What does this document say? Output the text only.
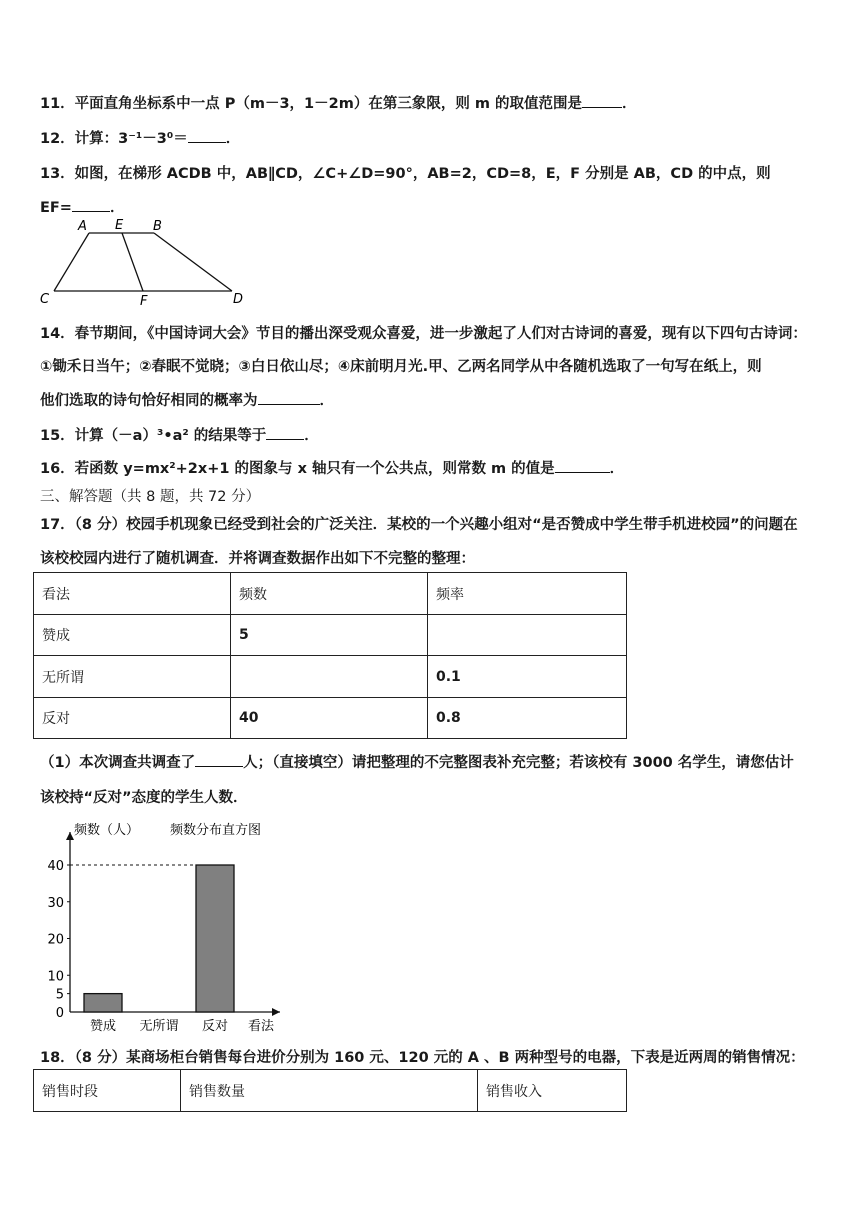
11．平面直角坐标系中一点 P（m－3，1－2m）在第三象限，则 m 的取值范围是	．
12．计算：3⁻¹－3⁰＝	．
13．如图，在梯形 ACDB 中，AB∥CD，∠C+∠D=90°，AB=2，CD=8，E，F 分别是 AB，CD 的中点，则
EF=	．
A E B
C	F	D
14．春节期间，《中国诗词大会》节目的播出深受观众喜爱，进一步激起了人们对古诗词的喜爱，现有以下四句古诗词：
①锄禾日当午；②春眠不觉晓；③白日依山尽；④床前明月光.甲、乙两名同学从中各随机选取了一句写在纸上，则
他们选取的诗句恰好相同的概率为	．
15．计算（－a）³•a² 的结果等于	．
16．若函数 y=mx²+2x+1 的图象与 x 轴只有一个公共点，则常数 m 的值是	．
三、解答题（共 8 题，共 72 分）
17．（8 分）校园手机现象已经受到社会的广泛关注．某校的一个兴趣小组对“是否赞成中学生带手机进校园”的问题在
该校校园内进行了随机调查．并将调查数据作出如下不完整的整理：
看法	频数	频率
赞成	5	
无所谓		0.1
反对	40	0.8
（1）本次调查共调查了	人；（直接填空）请把整理的不完整图表补充完整；若该校有 3000 名学生，请您估计
该校持“反对”态度的学生人数．
频数（人） 频数分布直方图
看法
0
5
10
20
30
40
赞成 无所谓 反对
18．（8 分）某商场柜台销售每台进价分别为 160 元、120 元的 A 、B 两种型号的电器，下表是近两周的销售情况：
销售时段	销售数量	销售收入
